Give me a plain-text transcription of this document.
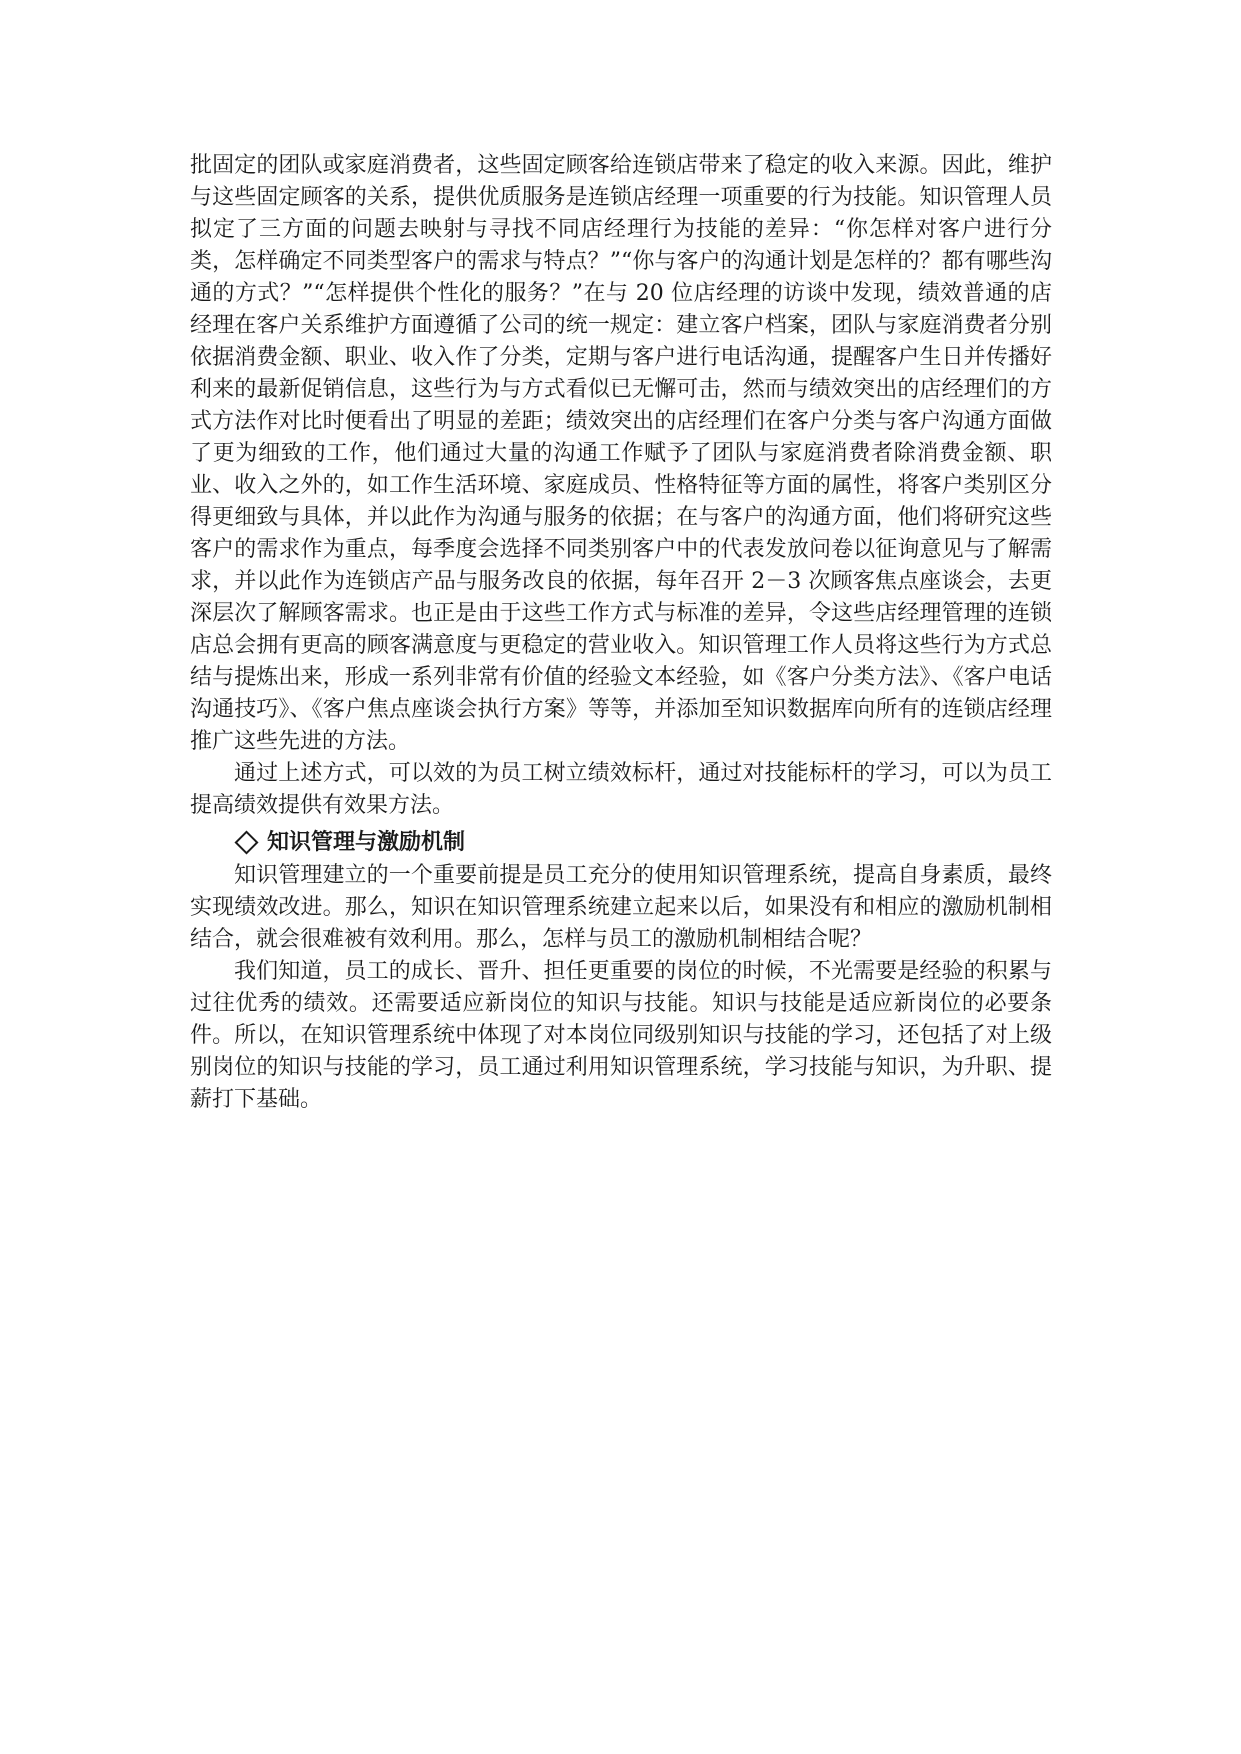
批固定的团队或家庭消费者，这些固定顾客给连锁店带来了稳定的收入来源。因此，维护与这些固定顾客的关系，提供优质服务是连锁店经理一项重要的行为技能。知识管理人员拟定了三方面的问题去映射与寻找不同店经理行为技能的差异：“你怎样对客户进行分类，怎样确定不同类型客户的需求与特点？”“你与客户的沟通计划是怎样的？都有哪些沟通的方式？”“怎样提供个性化的服务？”在与 20 位店经理的访谈中发现，绩效普通的店经理在客户关系维护方面遵循了公司的统一规定：建立客户档案，团队与家庭消费者分别依据消费金额、职业、收入作了分类，定期与客户进行电话沟通，提醒客户生日并传播好利来的最新促销信息，这些行为与方式看似已无懈可击，然而与绩效突出的店经理们的方式方法作对比时便看出了明显的差距；绩效突出的店经理们在客户分类与客户沟通方面做了更为细致的工作，他们通过大量的沟通工作赋予了团队与家庭消费者除消费金额、职业、收入之外的，如工作生活环境、家庭成员、性格特征等方面的属性，将客户类别区分得更细致与具体，并以此作为沟通与服务的依据；在与客户的沟通方面，他们将研究这些客户的需求作为重点，每季度会选择不同类别客户中的代表发放问卷以征询意见与了解需求，并以此作为连锁店产品与服务改良的依据，每年召开 2－3 次顾客焦点座谈会，去更深层次了解顾客需求。也正是由于这些工作方式与标准的差异，令这些店经理管理的连锁店总会拥有更高的顾客满意度与更稳定的营业收入。知识管理工作人员将这些行为方式总结与提炼出来，形成一系列非常有价值的经验文本经验，如《客户分类方法》、《客户电话沟通技巧》、《客户焦点座谈会执行方案》等等，并添加至知识数据库向所有的连锁店经理推广这些先进的方法。

通过上述方式，可以效的为员工树立绩效标杆，通过对技能标杆的学习，可以为员工提高绩效提供有效果方法。

知识管理与激励机制

知识管理建立的一个重要前提是员工充分的使用知识管理系统，提高自身素质，最终实现绩效改进。那么，知识在知识管理系统建立起来以后，如果没有和相应的激励机制相结合，就会很难被有效利用。那么，怎样与员工的激励机制相结合呢？

我们知道，员工的成长、晋升、担任更重要的岗位的时候，不光需要是经验的积累与过往优秀的绩效。还需要适应新岗位的知识与技能。知识与技能是适应新岗位的必要条件。所以，在知识管理系统中体现了对本岗位同级别知识与技能的学习，还包括了对上级别岗位的知识与技能的学习，员工通过利用知识管理系统，学习技能与知识，为升职、提薪打下基础。
